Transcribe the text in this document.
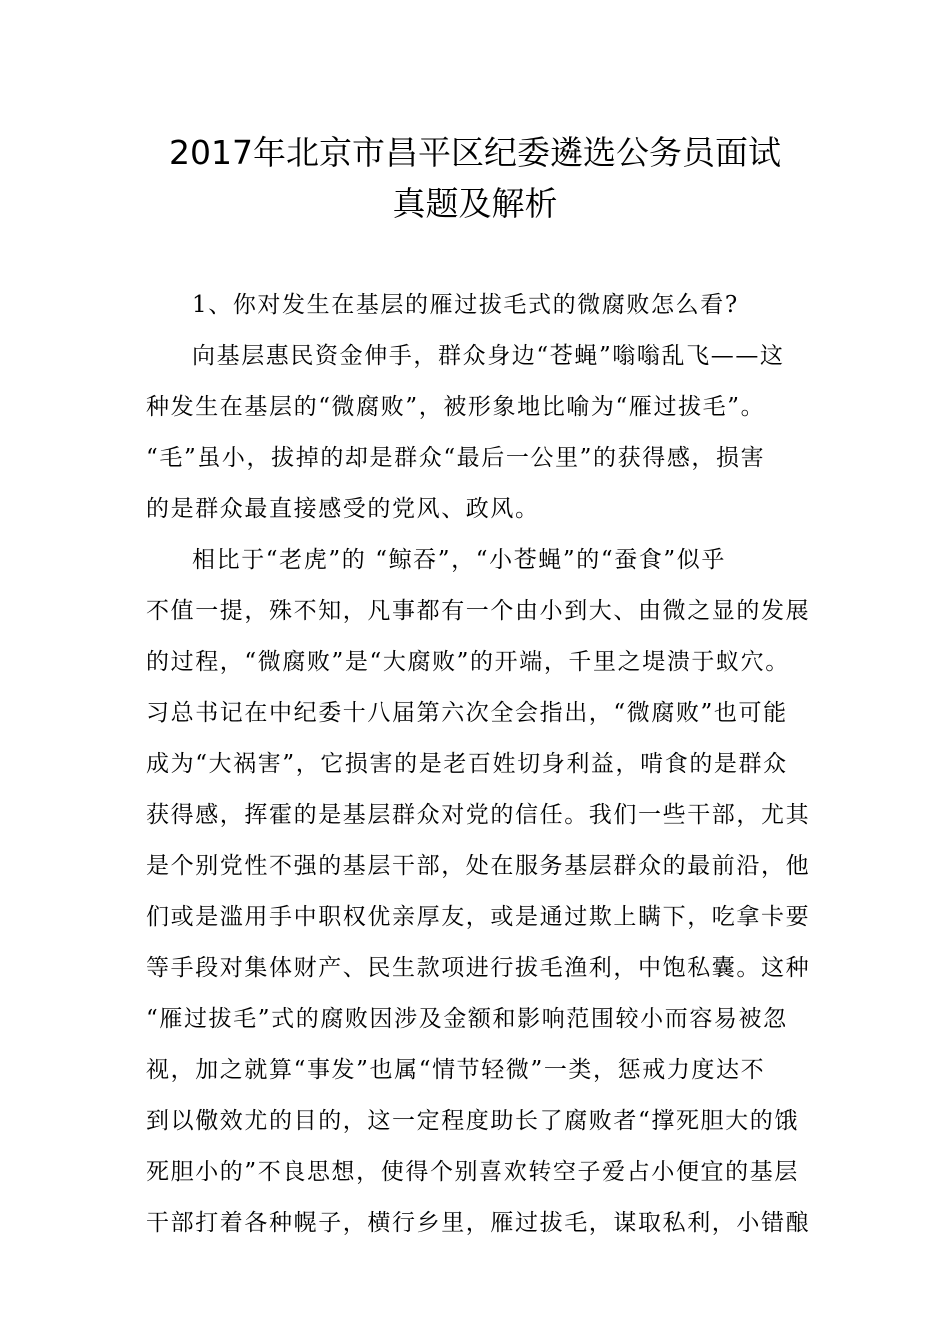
2017年北京市昌平区纪委遴选公务员面试
真题及解析
1、你对发生在基层的雁过拔毛式的微腐败怎么看?
向基层惠民资金伸手，群众身边“苍蝇”嗡嗡乱飞——这
种发生在基层的“微腐败”，被形象地比喻为“雁过拔毛”。
“毛”虽小，拔掉的却是群众“最后一公里”的获得感，损害
的是群众最直接感受的党风、政风。
相比于“老虎”的 “鲸吞”，“小苍蝇”的“蚕食”似乎
不值一提，殊不知，凡事都有一个由小到大、由微之显的发展
的过程，“微腐败”是“大腐败”的开端，千里之堤溃于蚁穴。
习总书记在中纪委十八届第六次全会指出，“微腐败”也可能
成为“大祸害”，它损害的是老百姓切身利益，啃食的是群众
获得感，挥霍的是基层群众对党的信任。我们一些干部，尤其
是个别党性不强的基层干部，处在服务基层群众的最前沿，他
们或是滥用手中职权优亲厚友，或是通过欺上瞒下，吃拿卡要
等手段对集体财产、民生款项进行拔毛渔利，中饱私囊。这种
“雁过拔毛”式的腐败因涉及金额和影响范围较小而容易被忽
视，加之就算“事发”也属“情节轻微”一类，惩戒力度达不
到以儆效尤的目的，这一定程度助长了腐败者“撑死胆大的饿
死胆小的”不良思想，使得个别喜欢转空子爱占小便宜的基层
干部打着各种幌子，横行乡里，雁过拔毛，谋取私利，小错酿
